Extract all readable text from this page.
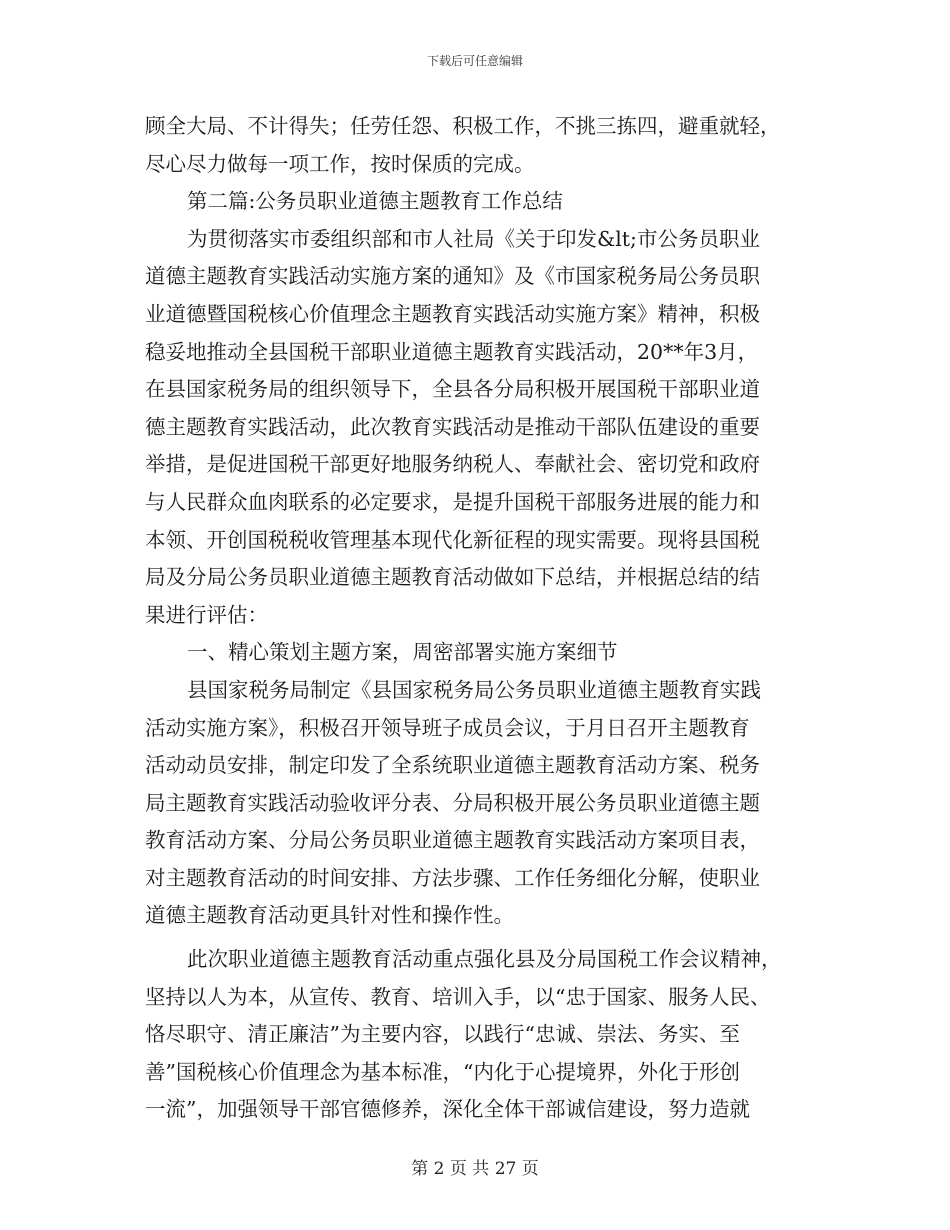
下载后可任意编辑
顾全大局、不计得失；任劳任怨、积极工作，不挑三拣四，避重就轻，
尽心尽力做每一项工作，按时保质的完成。
第二篇:公务员职业道德主题教育工作总结
为贯彻落实市委组织部和市人社局《关于印发&lt;市公务员职业
道德主题教育实践活动实施方案的通知》及《市国家税务局公务员职
业道德暨国税核心价值理念主题教育实践活动实施方案》精神，积极
稳妥地推动全县国税干部职业道德主题教育实践活动，20**年3月，
在县国家税务局的组织领导下，全县各分局积极开展国税干部职业道
德主题教育实践活动，此次教育实践活动是推动干部队伍建设的重要
举措，是促进国税干部更好地服务纳税人、奉献社会、密切党和政府
与人民群众血肉联系的必定要求，是提升国税干部服务进展的能力和
本领、开创国税税收管理基本现代化新征程的现实需要。现将县国税
局及分局公务员职业道德主题教育活动做如下总结，并根据总结的结
果进行评估：
一、精心策划主题方案，周密部署实施方案细节
县国家税务局制定《县国家税务局公务员职业道德主题教育实践
活动实施方案》，积极召开领导班子成员会议，于月日召开主题教育
活动动员安排，制定印发了全系统职业道德主题教育活动方案、税务
局主题教育实践活动验收评分表、分局积极开展公务员职业道德主题
教育活动方案、分局公务员职业道德主题教育实践活动方案项目表，
对主题教育活动的时间安排、方法步骤、工作任务细化分解，使职业
道德主题教育活动更具针对性和操作性。
此次职业道德主题教育活动重点强化县及分局国税工作会议精神，
坚持以人为本，从宣传、教育、培训入手，以“忠于国家、服务人民、
恪尽职守、清正廉洁”为主要内容，以践行“忠诚、崇法、务实、至
善”国税核心价值理念为基本标准，“内化于心提境界，外化于形创
一流”，加强领导干部官德修养，深化全体干部诚信建设，努力造就
第 2 页 共 27 页
